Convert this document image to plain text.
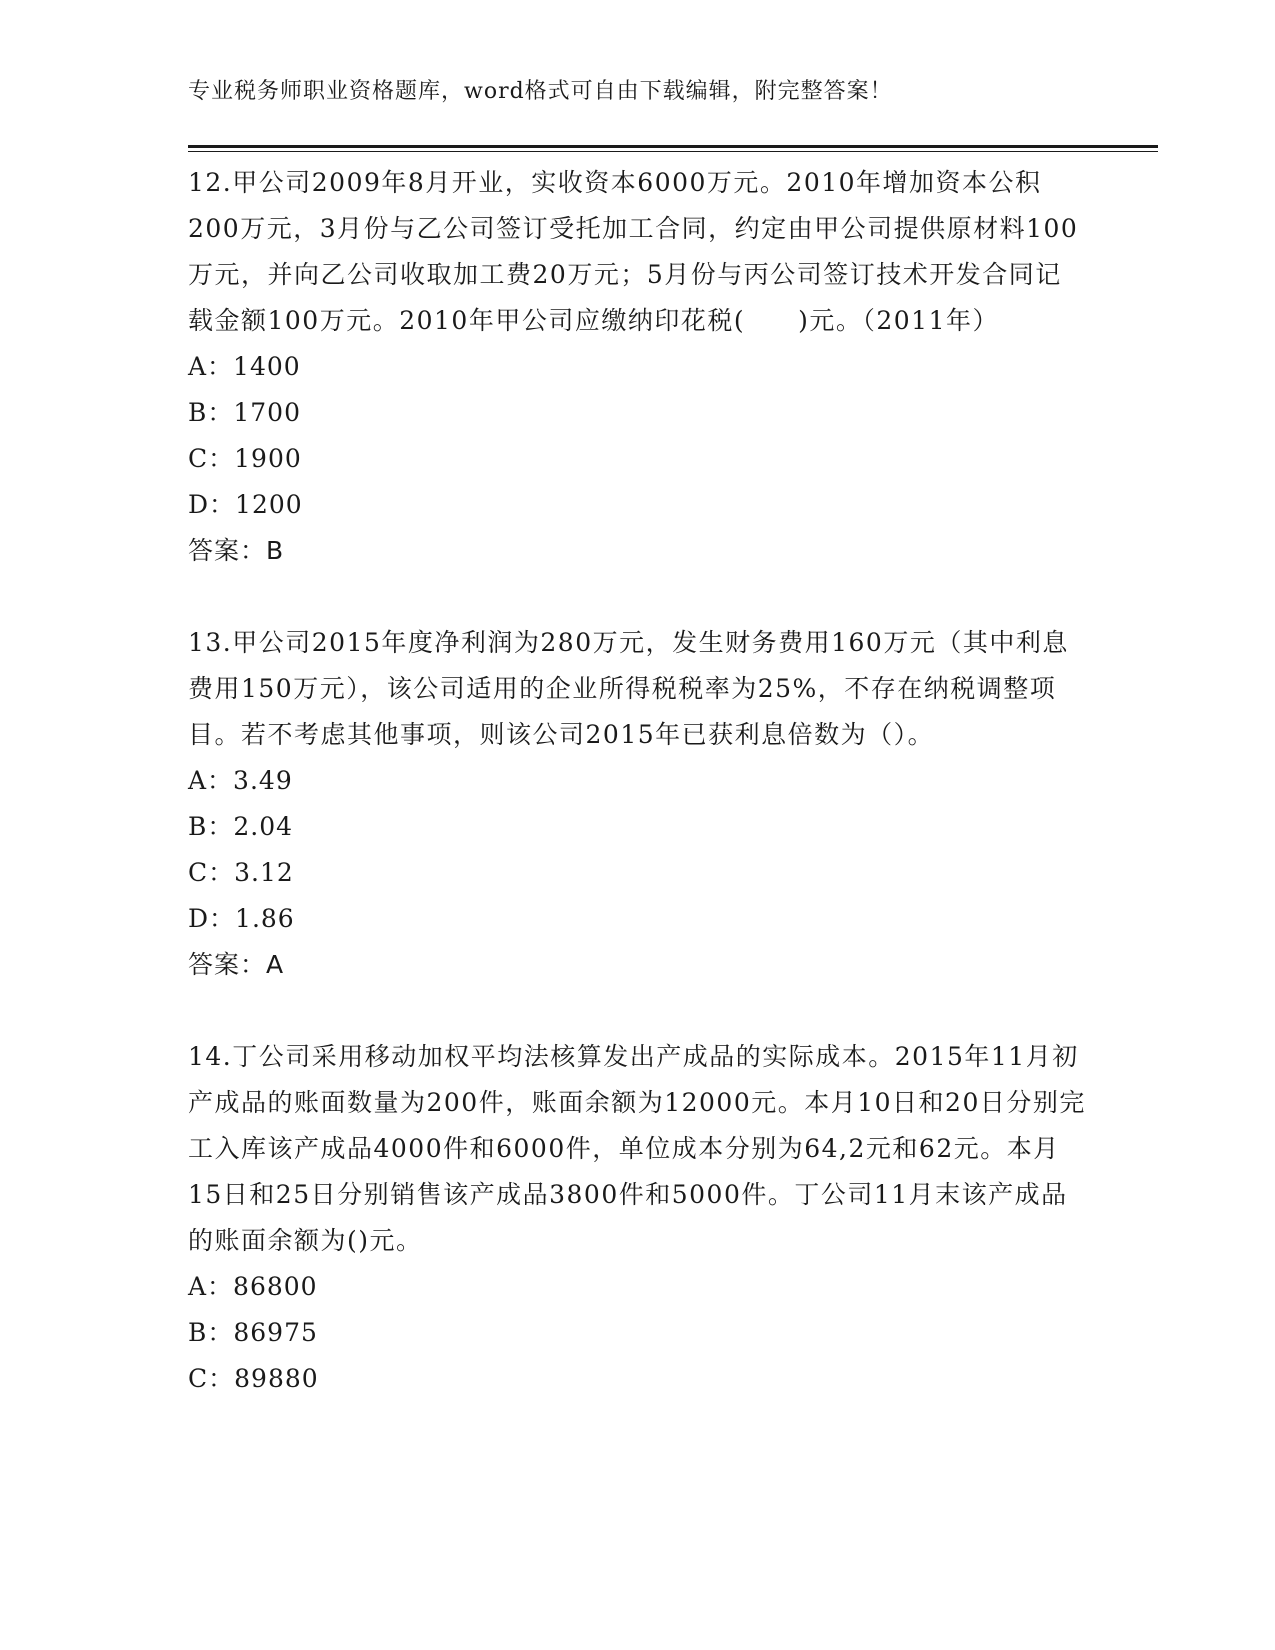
专业税务师职业资格题库，word格式可自由下载编辑，附完整答案！

12.甲公司2009年8月开业，实收资本6000万元。2010年增加资本公积200万元，3月份与乙公司签订受托加工合同，约定由甲公司提供原材料100万元，并向乙公司收取加工费20万元；5月份与丙公司签订技术开发合同记载金额100万元。2010年甲公司应缴纳印花税(　　)元。（2011年）

A：1400

B：1700

C：1900

D：1200

答案：B

13.甲公司2015年度净利润为280万元，发生财务费用160万元（其中利息费用150万元），该公司适用的企业所得税税率为25%，不存在纳税调整项目。若不考虑其他事项，则该公司2015年已获利息倍数为（）。

A：3.49

B：2.04

C：3.12

D：1.86

答案：A

14.丁公司采用移动加权平均法核算发出产成品的实际成本。2015年11月初产成品的账面数量为200件，账面余额为12000元。本月10日和20日分别完工入库该产成品4000件和6000件，单位成本分别为64,2元和62元。本月15日和25日分别销售该产成品3800件和5000件。丁公司11月末该产成品的账面余额为()元。

A：86800

B：86975

C：89880
